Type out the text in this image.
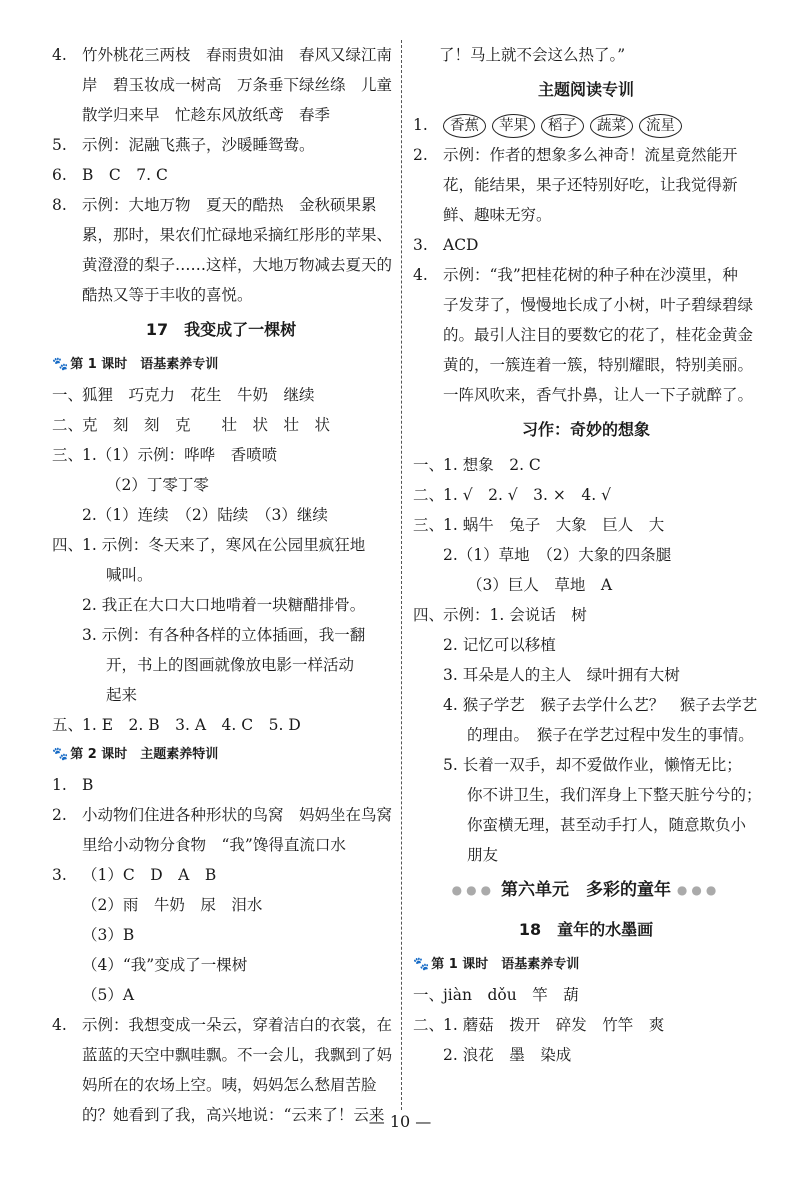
4. 竹外桃花三两枝　春雨贵如油　春风又绿江南
岸　碧玉妆成一树高　万条垂下绿丝绦　儿童
散学归来早　忙趁东风放纸鸢　春季
5. 示例：泥融飞燕子，沙暖睡鸳鸯。
6. B　C　7. C
8. 示例：大地万物　夏天的酷热　金秋硕果累
累，那时，果农们忙碌地采摘红彤彤的苹果、
黄澄澄的梨子……这样，大地万物减去夏天的
酷热又等于丰收的喜悦。
17　我变成了一棵树
🐾 第 1 课时　语基素养专训
一、
狐狸　巧克力　花生　牛奶　继续
二、
克　刻　刻　克　　壮　状　壮　状
三、
1.（1）示例：哗哗　香喷喷
（2）丁零丁零
2.（1）连续　（2）陆续　（3）继续
四、
1. 示例：冬天来了，寒风在公园里疯狂地
喊叫。
2. 我正在大口大口地啃着一块糖醋排骨。
3. 示例：有各种各样的立体插画，我一翻
开，书上的图画就像放电影一样活动
起来
五、
1. E　2. B　3. A　4. C　5. D
🐾 第 2 课时　主题素养特训
1. B
2. 小动物们住进各种形状的鸟窝　妈妈坐在鸟窝
里给小动物分食物　“我”馋得直流口水
3. （1）C　D　A　B
（2）雨　牛奶　尿　泪水
（3）B
（4）“我”变成了一棵树
（5）A
4. 示例：我想变成一朵云，穿着洁白的衣裳，在
蓝蓝的天空中飘哇飘。不一会儿，我飘到了妈
妈所在的农场上空。咦，妈妈怎么愁眉苦脸
的？她看到了我，高兴地说：“云来了！云来
了！马上就不会这么热了。”
主题阅读专训
1.	香蕉 苹果 稻子 蔬菜 流星
2. 示例：作者的想象多么神奇！流星竟然能开
花，能结果，果子还特别好吃，让我觉得新
鲜、趣味无穷。
3. ACD
4. 示例：“我”把桂花树的种子种在沙漠里，种
子发芽了，慢慢地长成了小树，叶子碧绿碧绿
的。最引人注目的要数它的花了，桂花金黄金
黄的，一簇连着一簇，特别耀眼，特别美丽。
一阵风吹来，香气扑鼻，让人一下子就醉了。
习作：奇妙的想象
一、
1. 想象　2. C
二、
1. √　2. √　3. ×　4. √
三、
1. 蜗牛　兔子　大象　巨人　大
2.（1）草地　（2）大象的四条腿
（3）巨人　草地　A
四、
示例：1. 会说话　树
2. 记忆可以移植
3. 耳朵是人的主人　绿叶拥有大树
4. 猴子学艺　猴子去学什么艺？　猴子去学艺
的理由。　猴子在学艺过程中发生的事情。
5. 长着一双手，却不爱做作业，懒惰无比；
你不讲卫生，我们浑身上下整天脏兮兮的；
你蛮横无理，甚至动手打人，随意欺负小
朋友
●●● 第六单元　多彩的童年 ●●●
18　童年的水墨画
🐾 第 1 课时　语基素养专训
一、
jiàn　dǒu　竿　葫
二、
1. 蘑菇　拨开　碎发　竹竿　爽
2. 浪花　墨　染成
— 10 —
